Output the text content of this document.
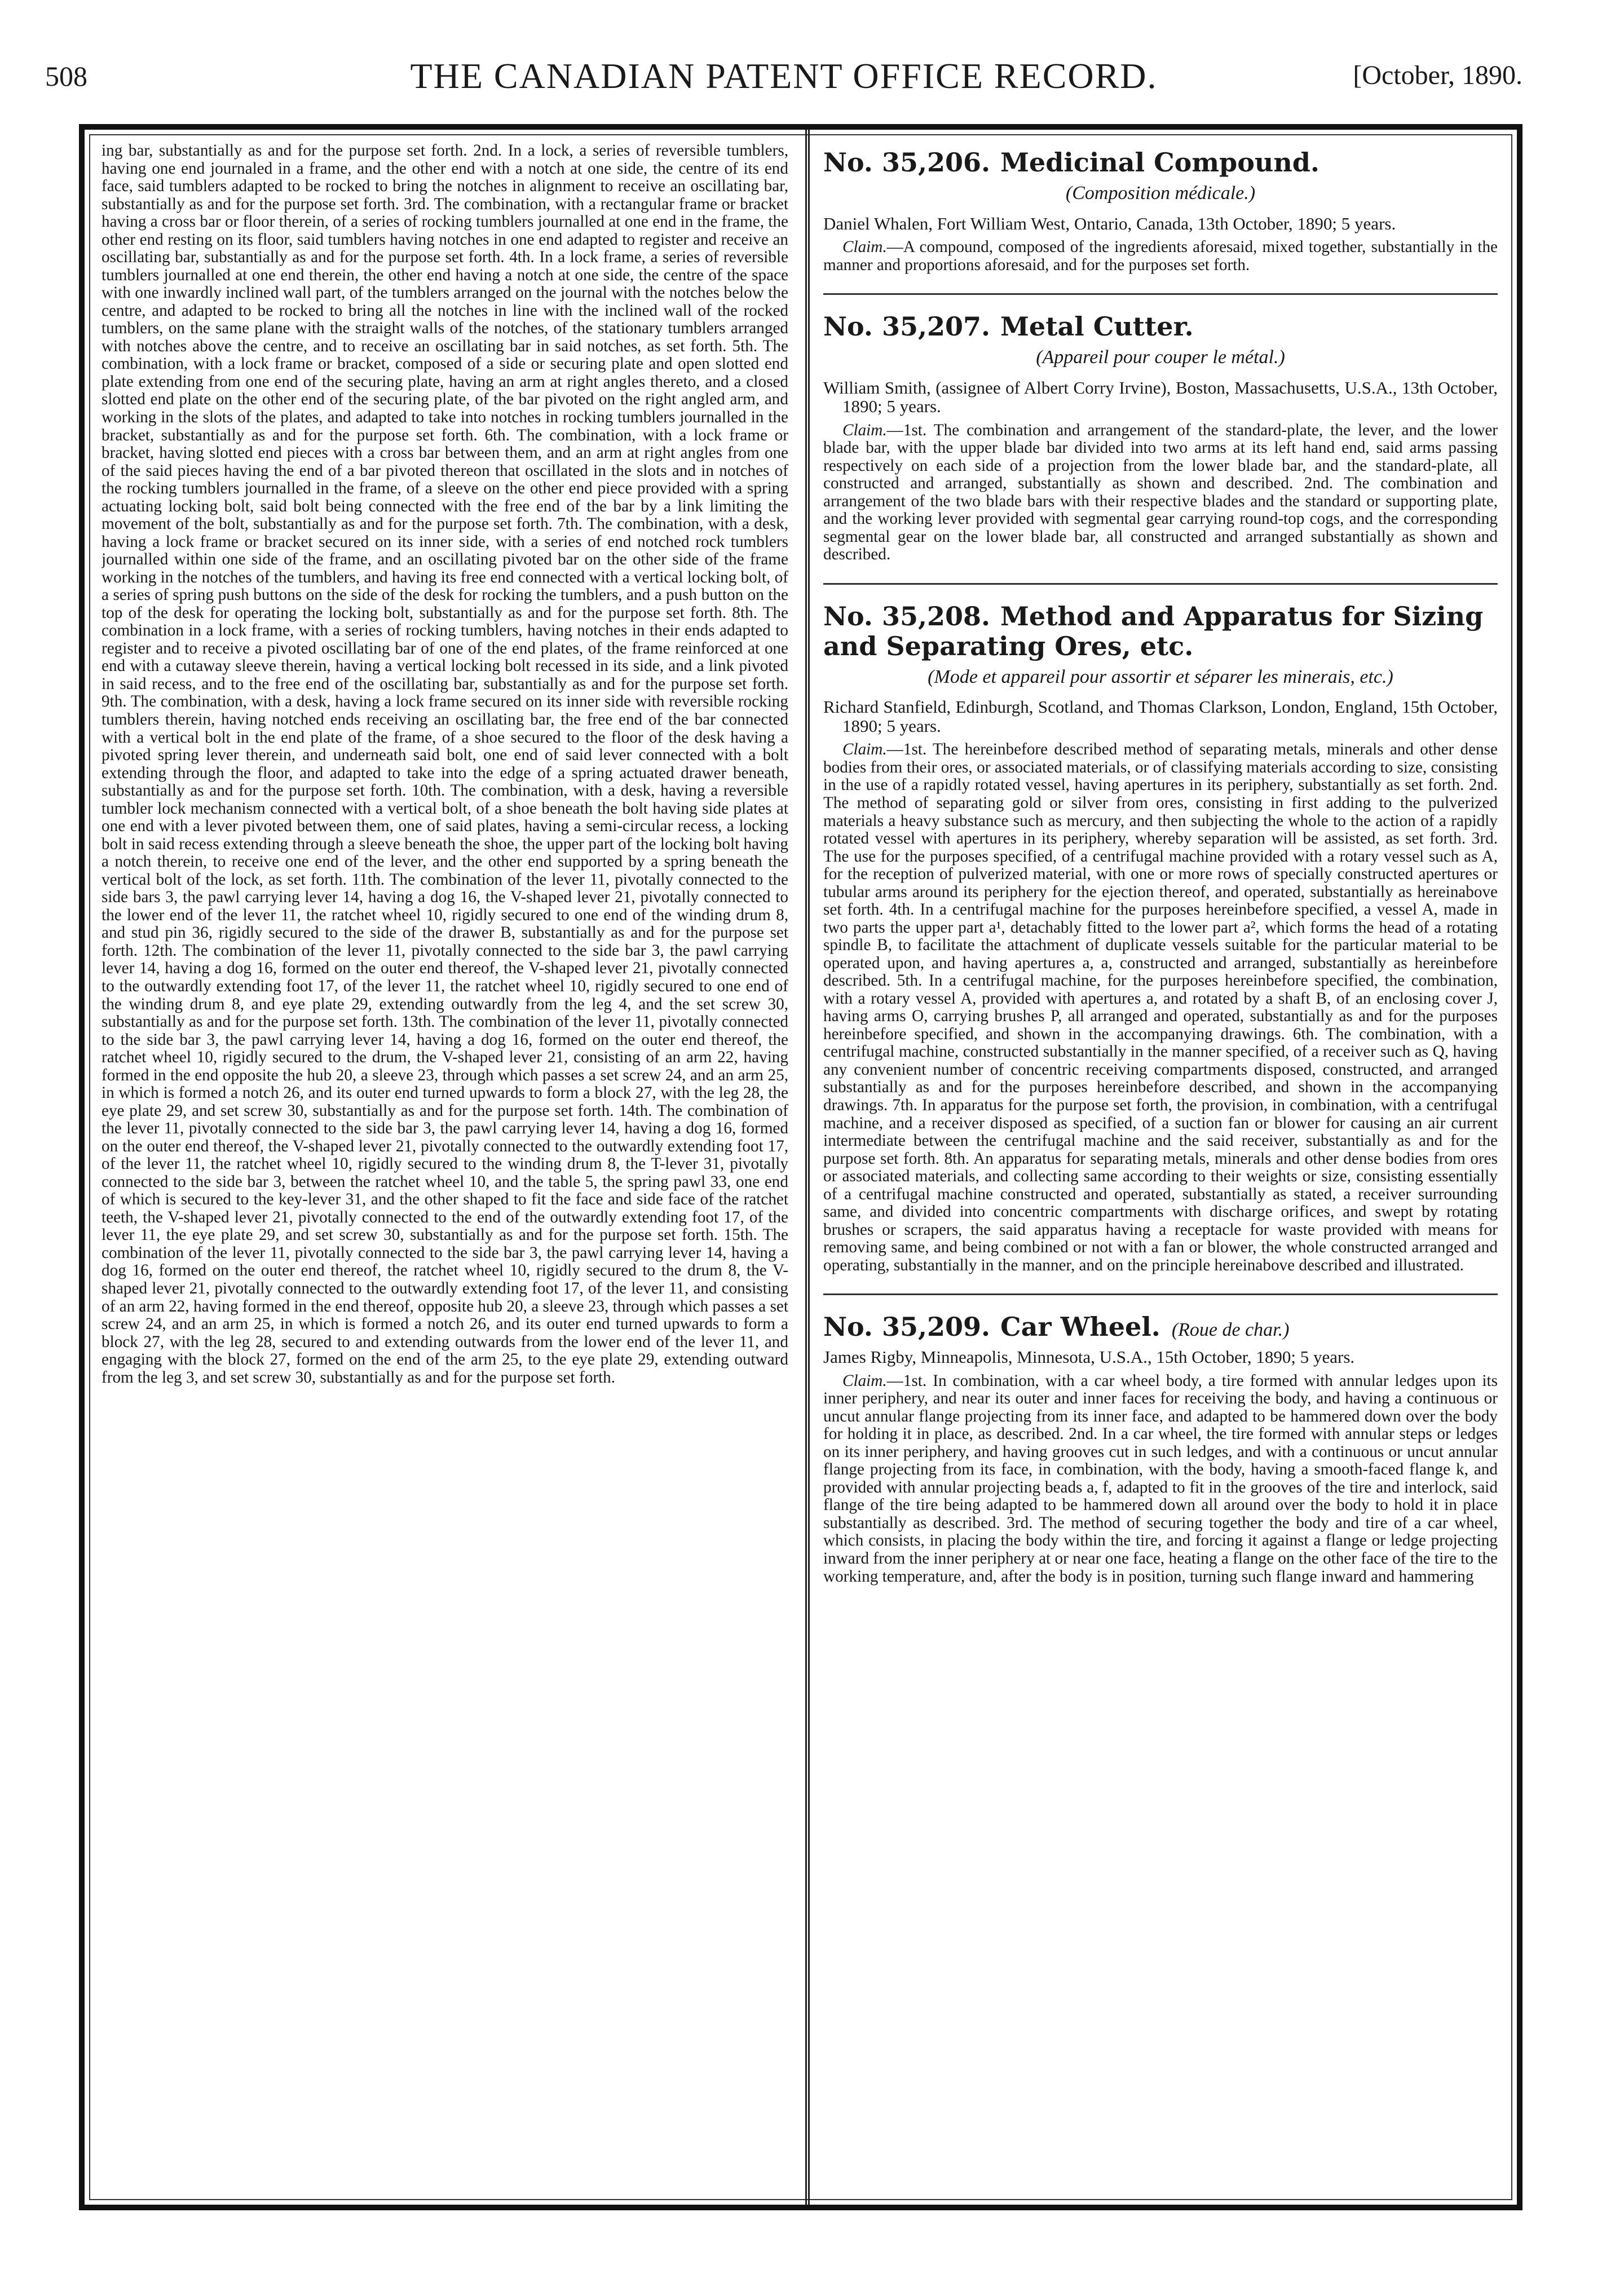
508	THE CANADIAN PATENT OFFICE RECORD.	[October, 1890.

ing bar, substantially as and for the purpose set forth. 2nd. In a lock, a series of reversible tumblers, having one end journaled in a frame, and the other end with a notch at one side, the centre of its end face, said tumblers adapted to be rocked to bring the notches in alignment to receive an oscillating bar, substantially as and for the purpose set forth. 3rd. The combination, with a rectangular frame or bracket having a cross bar or floor therein, of a series of rocking tumblers journalled at one end in the frame, the other end resting on its floor, said tumblers having notches in one end adapted to register and receive an oscillating bar, substantially as and for the purpose set forth. 4th. In a lock frame, a series of reversible tumblers journalled at one end therein, the other end having a notch at one side, the centre of the space with one inwardly inclined wall part, of the tumblers arranged on the journal with the notches below the centre, and adapted to be rocked to bring all the notches in line with the inclined wall of the rocked tumblers, on the same plane with the straight walls of the notches, of the stationary tumblers arranged with notches above the centre, and to receive an oscillating bar in said notches, as set forth. 5th. The combination, with a lock frame or bracket, composed of a side or securing plate and open slotted end plate extending from one end of the securing plate, having an arm at right angles thereto, and a closed slotted end plate on the other end of the securing plate, of the bar pivoted on the right angled arm, and working in the slots of the plates, and adapted to take into notches in rocking tumblers journalled in the bracket, substantially as and for the purpose set forth. 6th. The combination, with a lock frame or bracket, having slotted end pieces with a cross bar between them, and an arm at right angles from one of the said pieces having the end of a bar pivoted thereon that oscillated in the slots and in notches of the rocking tumblers journalled in the frame, of a sleeve on the other end piece provided with a spring actuating locking bolt, said bolt being connected with the free end of the bar by a link limiting the movement of the bolt, substantially as and for the purpose set forth. 7th. The combination, with a desk, having a lock frame or bracket secured on its inner side, with a series of end notched rock tumblers journalled within one side of the frame, and an oscillating pivoted bar on the other side of the frame working in the notches of the tumblers, and having its free end connected with a vertical locking bolt, of a series of spring push buttons on the side of the desk for rocking the tumblers, and a push button on the top of the desk for operating the locking bolt, substantially as and for the purpose set forth. 8th. The combination in a lock frame, with a series of rocking tumblers, having notches in their ends adapted to register and to receive a pivoted oscillating bar of one of the end plates, of the frame reinforced at one end with a cutaway sleeve therein, having a vertical locking bolt recessed in its side, and a link pivoted in said recess, and to the free end of the oscillating bar, substantially as and for the purpose set forth. 9th. The combination, with a desk, having a lock frame secured on its inner side with reversible rocking tumblers therein, having notched ends receiving an oscillating bar, the free end of the bar connected with a vertical bolt in the end plate of the frame, of a shoe secured to the floor of the desk having a pivoted spring lever therein, and underneath said bolt, one end of said lever connected with a bolt extending through the floor, and adapted to take into the edge of a spring actuated drawer beneath, substantially as and for the purpose set forth. 10th. The combination, with a desk, having a reversible tumbler lock mechanism connected with a vertical bolt, of a shoe beneath the bolt having side plates at one end with a lever pivoted between them, one of said plates, having a semi-circular recess, a locking bolt in said recess extending through a sleeve beneath the shoe, the upper part of the locking bolt having a notch therein, to receive one end of the lever, and the other end supported by a spring beneath the vertical bolt of the lock, as set forth. 11th. The combination of the lever 11, pivotally connected to the side bars 3, the pawl carrying lever 14, having a dog 16, the V-shaped lever 21, pivotally connected to the lower end of the lever 11, the ratchet wheel 10, rigidly secured to one end of the winding drum 8, and stud pin 36, rigidly secured to the side of the drawer B, substantially as and for the purpose set forth. 12th. The combination of the lever 11, pivotally connected to the side bar 3, the pawl carrying lever 14, having a dog 16, formed on the outer end thereof, the V-shaped lever 21, pivotally connected to the outwardly extending foot 17, of the lever 11, the ratchet wheel 10, rigidly secured to one end of the winding drum 8, and eye plate 29, extending outwardly from the leg 4, and the set screw 30, substantially as and for the purpose set forth. 13th. The combination of the lever 11, pivotally connected to the side bar 3, the pawl carrying lever 14, having a dog 16, formed on the outer end thereof, the ratchet wheel 10, rigidly secured to the drum, the V-shaped lever 21, consisting of an arm 22, having formed in the end opposite the hub 20, a sleeve 23, through which passes a set screw 24, and an arm 25, in which is formed a notch 26, and its outer end turned upwards to form a block 27, with the leg 28, the eye plate 29, and set screw 30, substantially as and for the purpose set forth. 14th. The combination of the lever 11, pivotally connected to the side bar 3, the pawl carrying lever 14, having a dog 16, formed on the outer end thereof, the V-shaped lever 21, pivotally connected to the outwardly extending foot 17, of the lever 11, the ratchet wheel 10, rigidly secured to the winding drum 8, the T-lever 31, pivotally connected to the side bar 3, between the ratchet wheel 10, and the table 5, the spring pawl 33, one end of which is secured to the key-lever 31, and the other shaped to fit the face and side face of the ratchet teeth, the V-shaped lever 21, pivotally connected to the end of the outwardly extending foot 17, of the lever 11, the eye plate 29, and set screw 30, substantially as and for the purpose set forth. 15th. The combination of the lever 11, pivotally connected to the side bar 3, the pawl carrying lever 14, having a dog 16, formed on the outer end thereof, the ratchet wheel 10, rigidly secured to the drum 8, the V-shaped lever 21, pivotally connected to the outwardly extending foot 17, of the lever 11, and consisting of an arm 22, having formed in the end thereof, opposite hub 20, a sleeve 23, through which passes a set screw 24, and an arm 25, in which is formed a notch 26, and its outer end turned upwards to form a block 27, with the leg 28, secured to and extending outwards from the lower end of the lever 11, and engaging with the block 27, formed on the end of the arm 25, to the eye plate 29, extending outward from the leg 3, and set screw 30, substantially as and for the purpose set forth.

No. 35,206. Medicinal Compound.
(Composition médicale.)

Daniel Whalen, Fort William West, Ontario, Canada, 13th October, 1890; 5 years.

Claim.—A compound, composed of the ingredients aforesaid, mixed together, substantially in the manner and proportions aforesaid, and for the purposes set forth.

No. 35,207. Metal Cutter.
(Appareil pour couper le métal.)

William Smith, (assignee of Albert Corry Irvine), Boston, Massachusetts, U.S.A., 13th October, 1890; 5 years.

Claim.—1st. The combination and arrangement of the standard-plate, the lever, and the lower blade bar, with the upper blade bar divided into two arms at its left hand end, said arms passing respectively on each side of a projection from the lower blade bar, and the standard-plate, all constructed and arranged, substantially as shown and described. 2nd. The combination and arrangement of the two blade bars with their respective blades and the standard or supporting plate, and the working lever provided with segmental gear carrying round-top cogs, and the corresponding segmental gear on the lower blade bar, all constructed and arranged substantially as shown and described.

No. 35,208. Method and Apparatus for Sizing and Separating Ores, etc.
(Mode et appareil pour assortir et séparer les minerais, etc.)

Richard Stanfield, Edinburgh, Scotland, and Thomas Clarkson, London, England, 15th October, 1890; 5 years.

Claim.—1st. The hereinbefore described method of separating metals, minerals and other dense bodies from their ores, or associated materials, or of classifying materials according to size, consisting in the use of a rapidly rotated vessel, having apertures in its periphery, substantially as set forth. 2nd. The method of separating gold or silver from ores, consisting in first adding to the pulverized materials a heavy substance such as mercury, and then subjecting the whole to the action of a rapidly rotated vessel with apertures in its periphery, whereby separation will be assisted, as set forth. 3rd. The use for the purposes specified, of a centrifugal machine provided with a rotary vessel such as A, for the reception of pulverized material, with one or more rows of specially constructed apertures or tubular arms around its periphery for the ejection thereof, and operated, substantially as hereinabove set forth. 4th. In a centrifugal machine for the purposes hereinbefore specified, a vessel A, made in two parts the upper part a¹, detachably fitted to the lower part a², which forms the head of a rotating spindle B, to facilitate the attachment of duplicate vessels suitable for the particular material to be operated upon, and having apertures a, a, constructed and arranged, substantially as hereinbefore described. 5th. In a centrifugal machine, for the purposes hereinbefore specified, the combination, with a rotary vessel A, provided with apertures a, and rotated by a shaft B, of an enclosing cover J, having arms O, carrying brushes P, all arranged and operated, substantially as and for the purposes hereinbefore specified, and shown in the accompanying drawings. 6th. The combination, with a centrifugal machine, constructed substantially in the manner specified, of a receiver such as Q, having any convenient number of concentric receiving compartments disposed, constructed, and arranged substantially as and for the purposes hereinbefore described, and shown in the accompanying drawings. 7th. In apparatus for the purpose set forth, the provision, in combination, with a centrifugal machine, and a receiver disposed as specified, of a suction fan or blower for causing an air current intermediate between the centrifugal machine and the said receiver, substantially as and for the purpose set forth. 8th. An apparatus for separating metals, minerals and other dense bodies from ores or associated materials, and collecting same according to their weights or size, consisting essentially of a centrifugal machine constructed and operated, substantially as stated, a receiver surrounding same, and divided into concentric compartments with discharge orifices, and swept by rotating brushes or scrapers, the said apparatus having a receptacle for waste provided with means for removing same, and being combined or not with a fan or blower, the whole constructed arranged and operating, substantially in the manner, and on the principle hereinabove described and illustrated.

No. 35,209. Car Wheel. (Roue de char.)

James Rigby, Minneapolis, Minnesota, U.S.A., 15th October, 1890; 5 years.

Claim.—1st. In combination, with a car wheel body, a tire formed with annular ledges upon its inner periphery, and near its outer and inner faces for receiving the body, and having a continuous or uncut annular flange projecting from its inner face, and adapted to be hammered down over the body for holding it in place, as described. 2nd. In a car wheel, the tire formed with annular steps or ledges on its inner periphery, and having grooves cut in such ledges, and with a continuous or uncut annular flange projecting from its face, in combination, with the body, having a smooth-faced flange k, and provided with annular projecting beads a, f, adapted to fit in the grooves of the tire and interlock, said flange of the tire being adapted to be hammered down all around over the body to hold it in place substantially as described. 3rd. The method of securing together the body and tire of a car wheel, which consists, in placing the body within the tire, and forcing it against a flange or ledge projecting inward from the inner periphery at or near one face, heating a flange on the other face of the tire to the working temperature, and, after the body is in position, turning such flange inward and hammering
